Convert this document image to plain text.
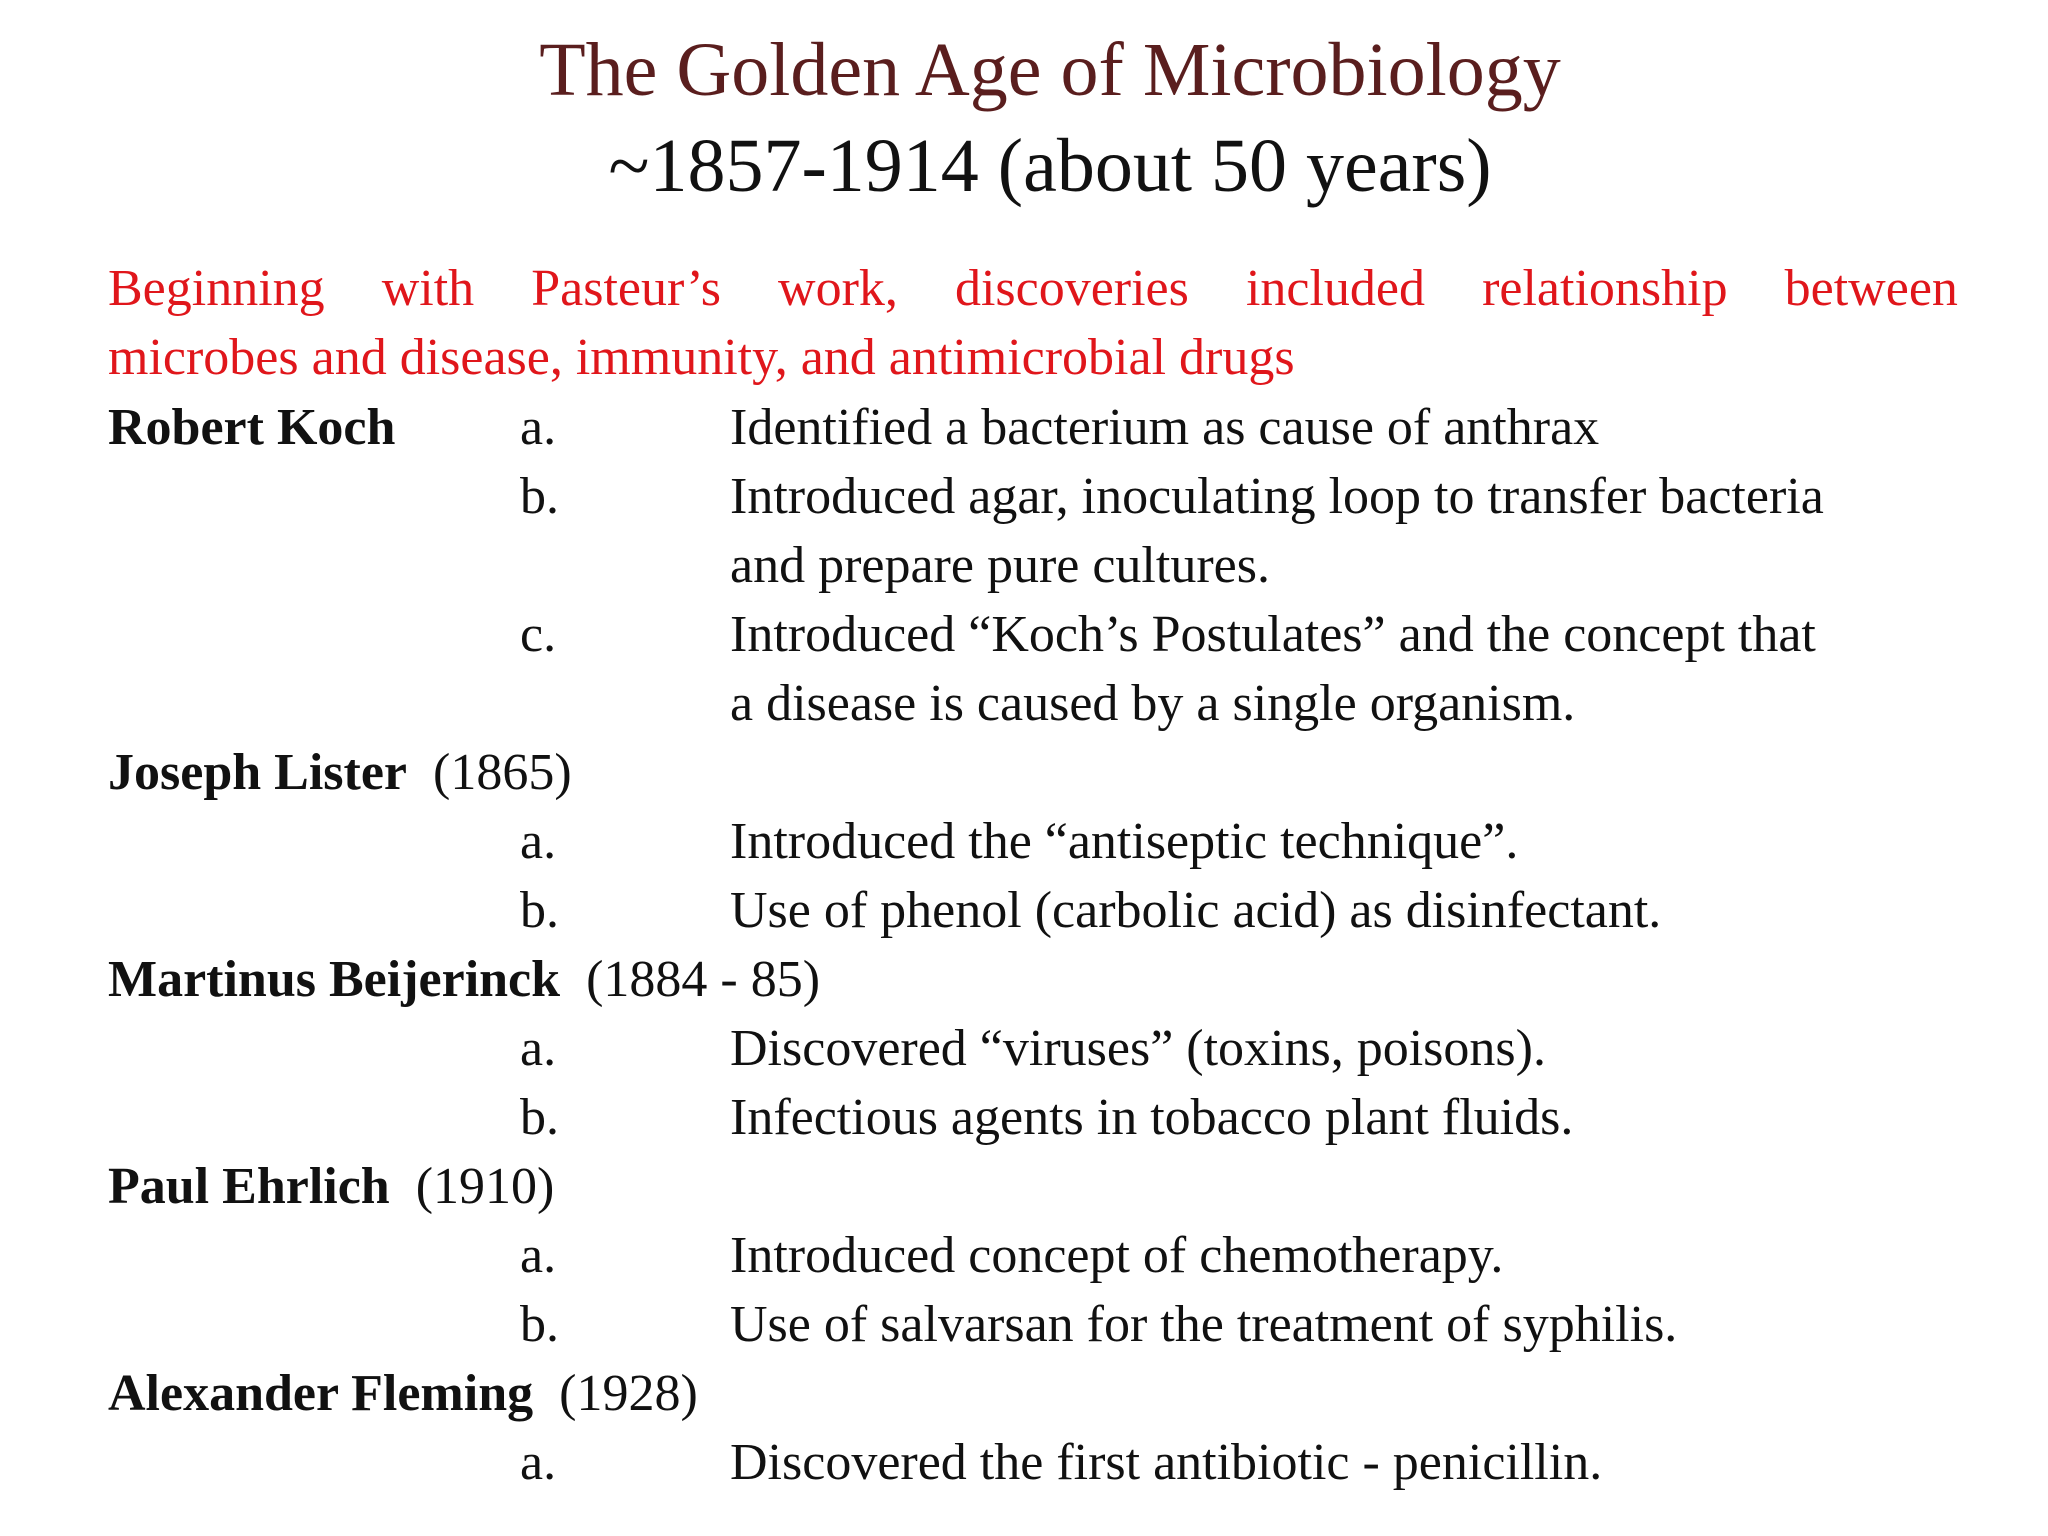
The Golden Age of Microbiology
~1857-1914 (about 50 years)
Beginning with Pasteur’s work, discoveries included relationship between
microbes and disease, immunity, and antimicrobial drugs
Robert Koch a.	Identified a bacterium as cause of anthrax
b.	Introduced agar, inoculating loop to transfer bacteria
and prepare pure cultures.
c.	Introduced “Koch’s Postulates” and the concept that
a disease is caused by a single organism.
Joseph Lister (1865)
a.	Introduced the “antiseptic technique”.
b.	Use of phenol (carbolic acid) as disinfectant.
Martinus Beijerinck (1884 - 85)
a.	Discovered “viruses” (toxins, poisons).
b.	Infectious agents in tobacco plant fluids.
Paul Ehrlich (1910)
a.	Introduced concept of chemotherapy.
b.	Use of salvarsan for the treatment of syphilis.
Alexander Fleming (1928)
a.	Discovered the first antibiotic - penicillin.
